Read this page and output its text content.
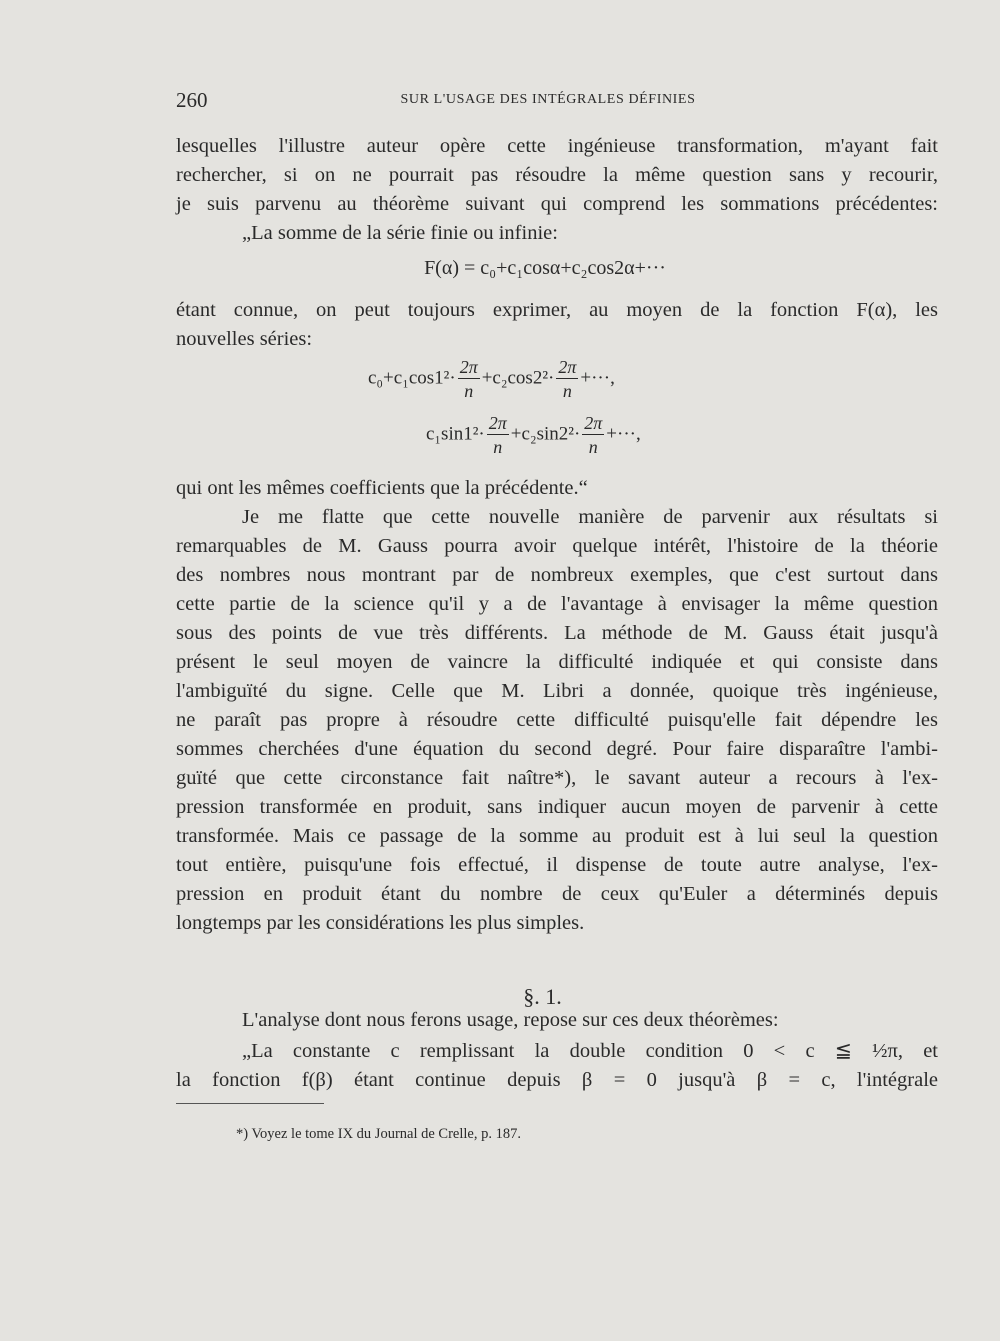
260	SUR L'USAGE DES INTÉGRALES DÉFINIES
lesquelles l'illustre auteur opère cette ingénieuse transformation, m'ayant fait
rechercher, si on ne pourrait pas résoudre la même question sans y recourir,
je suis parvenu au théorème suivant qui comprend les sommations précédentes:
„La somme de la série finie ou infinie:
F(α) = c₀+c₁cosα+c₂cos2α+···
étant connue, on peut toujours exprimer, au moyen de la fonction F(α), les
nouvelles séries:
$c_0+c_1\cos 1^2\cdot \frac{2\pi}{n} +c_2\cos 2^2\cdot \frac{2\pi}{n}$ +···,
$c_1\sin 1^2\cdot \frac{2\pi}{n} +c_2\sin 2^2\cdot \frac{2\pi}{n}$ +···,
qui ont les mêmes coefficients que la précédente.“
Je me flatte que cette nouvelle manière de parvenir aux résultats si
remarquables de M. Gauss pourra avoir quelque intérêt, l'histoire de la théorie
des nombres nous montrant par de nombreux exemples, que c'est surtout dans
cette partie de la science qu'il y a de l'avantage à envisager la même question
sous des points de vue très différents. La méthode de M. Gauss était jusqu'à
présent le seul moyen de vaincre la difficulté indiquée et qui consiste dans
l'ambiguïté du signe. Celle que M. Libri a donnée, quoique très ingénieuse,
ne paraît pas propre à résoudre cette difficulté puisqu'elle fait dépendre les
sommes cherchées d'une équation du second degré. Pour faire disparaître l'ambi-
guïté que cette circonstance fait naître*), le savant auteur a recours à l'ex-
pression transformée en produit, sans indiquer aucun moyen de parvenir à cette
transformée. Mais ce passage de la somme au produit est à lui seul la question
tout entière, puisqu'une fois effectué, il dispense de toute autre analyse, l'ex-
pression en produit étant du nombre de ceux qu'Euler a déterminés depuis
longtemps par les considérations les plus simples.
§. 1.
L'analyse dont nous ferons usage, repose sur ces deux théorèmes:
„La constante c remplissant la double condition 0 < c ≦ ½π, et
la fonction f(β) étant continue depuis β = 0 jusqu'à β = c, l'intégrale
*) Voyez le tome IX du Journal de Crelle, p. 187.
